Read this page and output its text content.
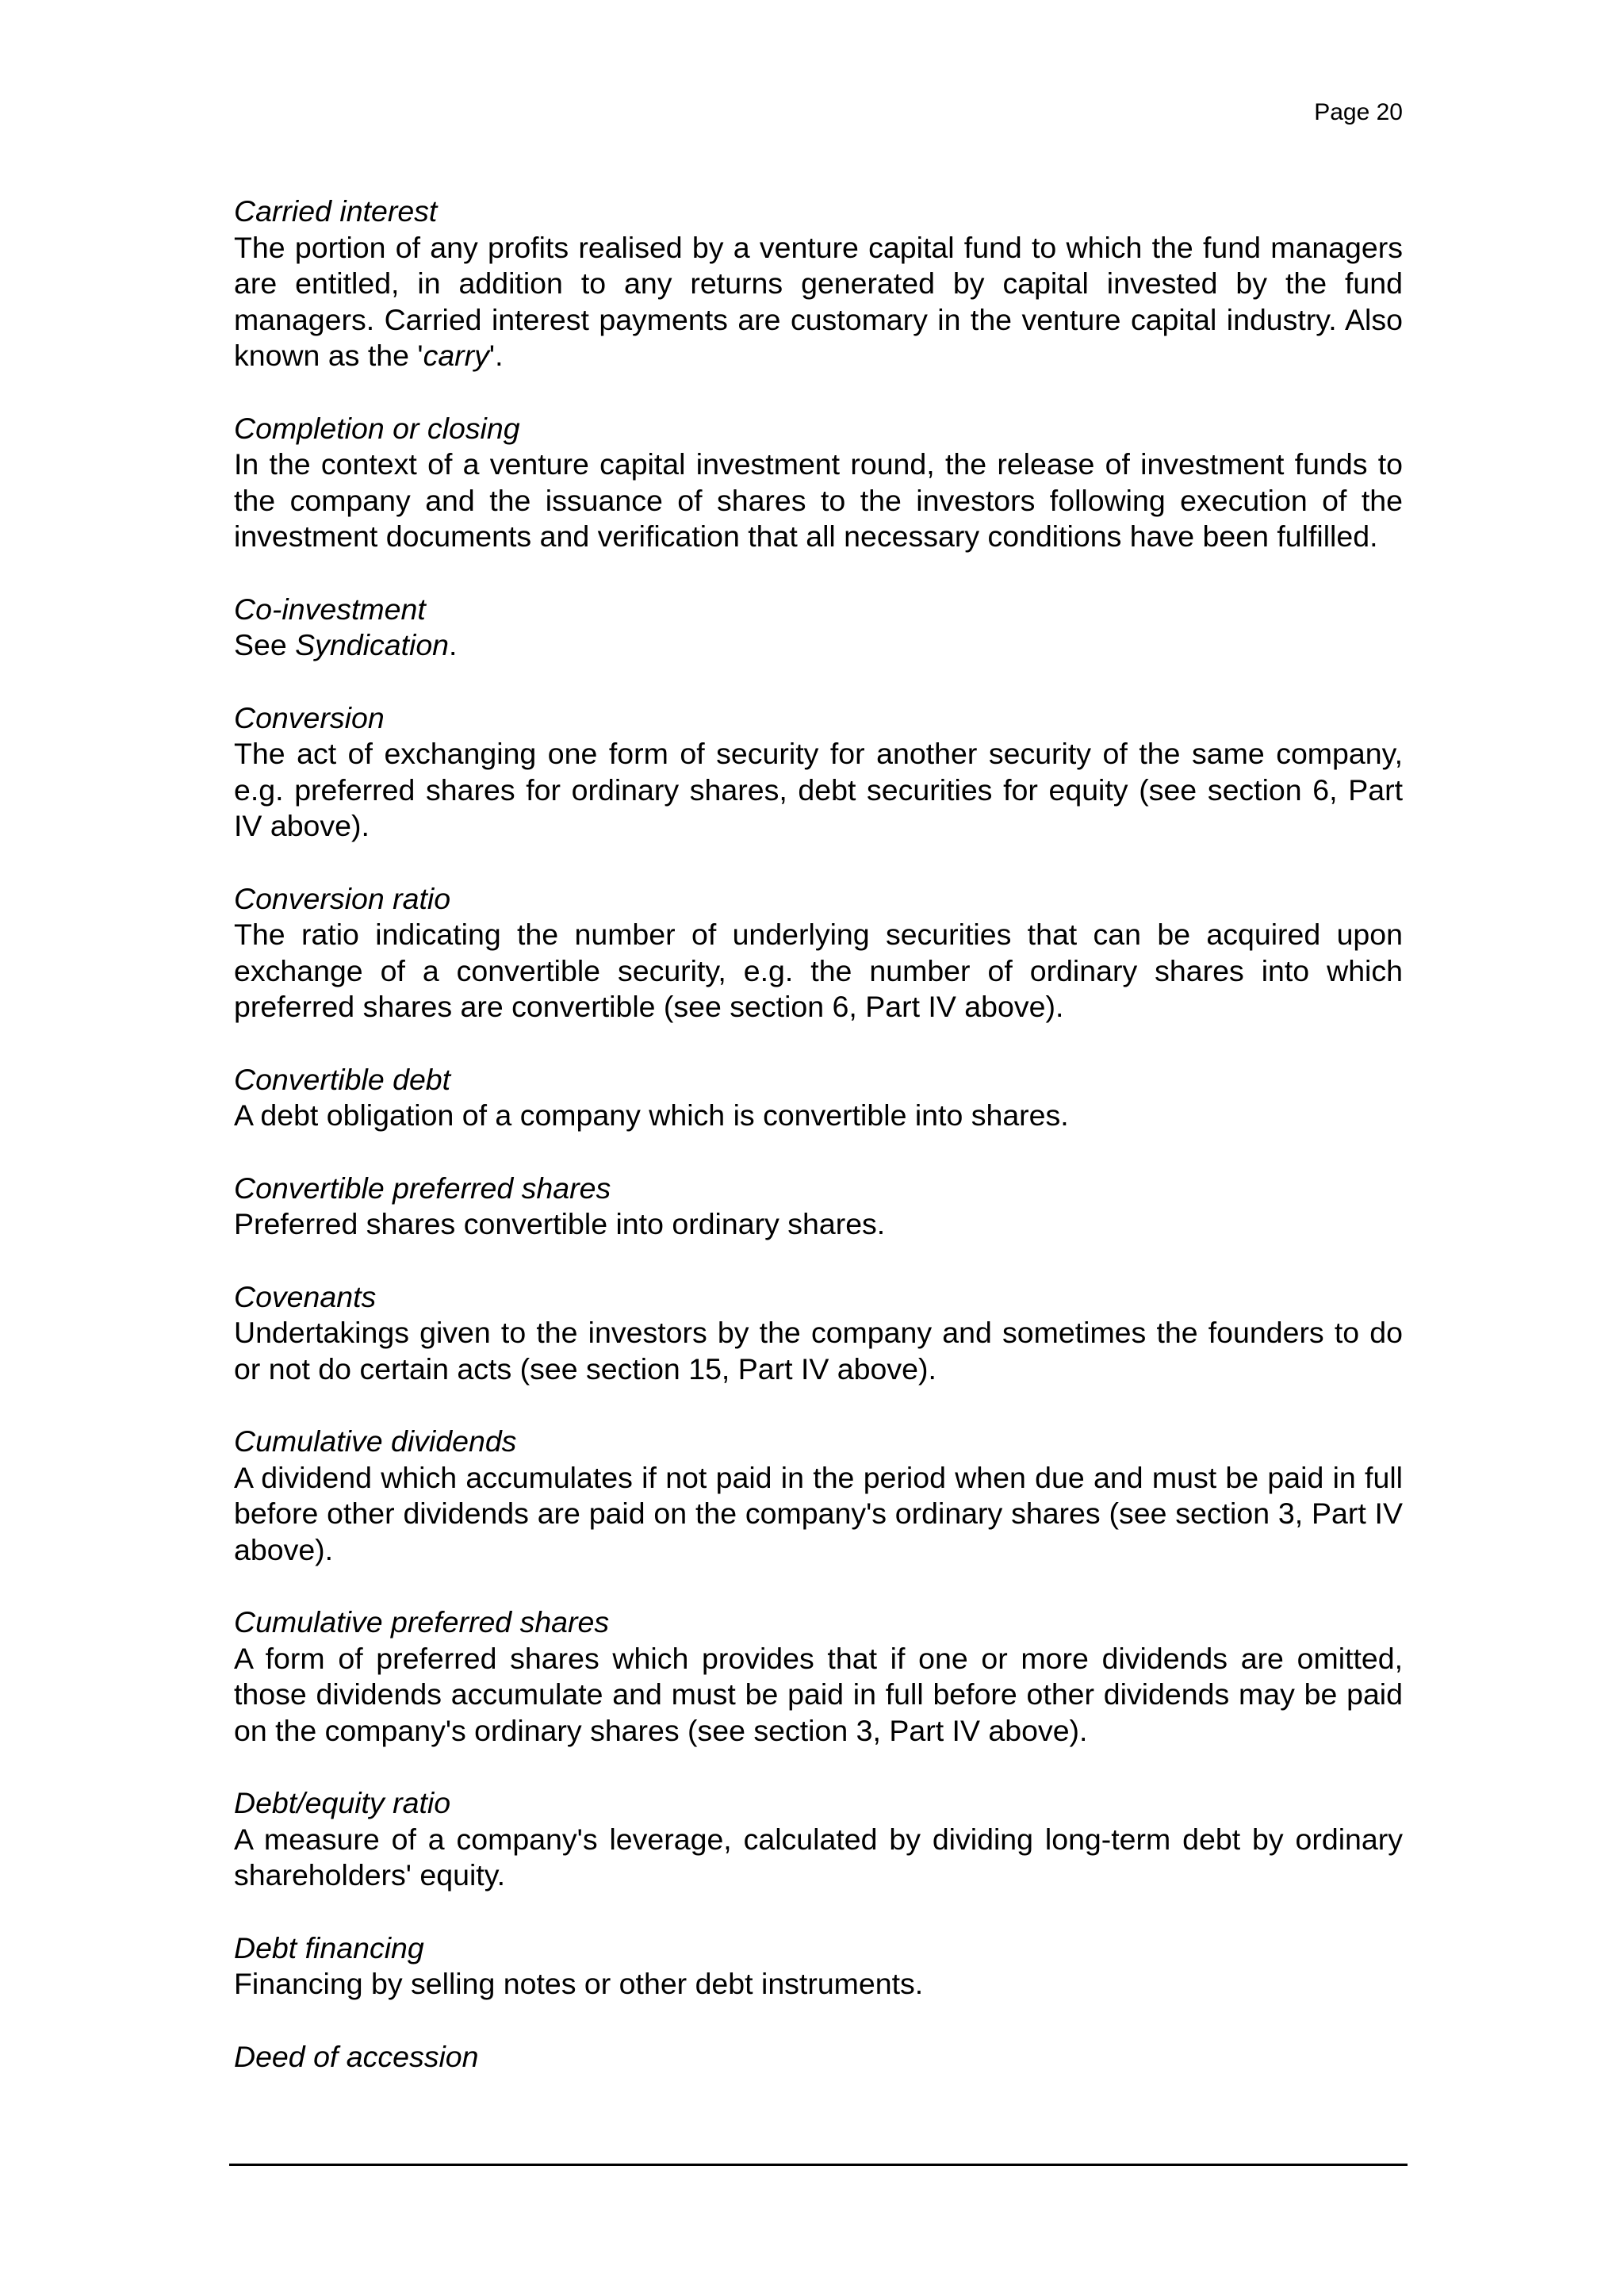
Page 20

Carried interest

The portion of any profits realised by a venture capital fund to which the fund managers are entitled, in addition to any returns generated by capital invested by the fund managers. Carried interest payments are customary in the venture capital industry. Also known as the 'carry'.

Completion or closing

In the context of a venture capital investment round, the release of investment funds to the company and the issuance of shares to the investors following execution of the investment documents and verification that all necessary conditions have been fulfilled.

Co-investment

See Syndication.

Conversion

The act of exchanging one form of security for another security of the same company, e.g. preferred shares for ordinary shares, debt securities for equity (see section 6, Part IV above).

Conversion ratio

The ratio indicating the number of underlying securities that can be acquired upon exchange of a convertible security, e.g. the number of ordinary shares into which preferred shares are convertible (see section 6, Part IV above).

Convertible debt

A debt obligation of a company which is convertible into shares.

Convertible preferred shares

Preferred shares convertible into ordinary shares.

Covenants

Undertakings given to the investors by the company and sometimes the founders to do or not do certain acts (see section 15, Part IV above).

Cumulative dividends

A dividend which accumulates if not paid in the period when due and must be paid in full before other dividends are paid on the company's ordinary shares (see section 3, Part IV above).

Cumulative preferred shares

A form of preferred shares which provides that if one or more dividends are omitted, those dividends accumulate and must be paid in full before other dividends may be paid on the company's ordinary shares (see section 3, Part IV above).

Debt/equity ratio

A measure of a company's leverage, calculated by dividing long-term debt by ordinary shareholders' equity.

Debt financing

Financing by selling notes or other debt instruments.

Deed of accession
